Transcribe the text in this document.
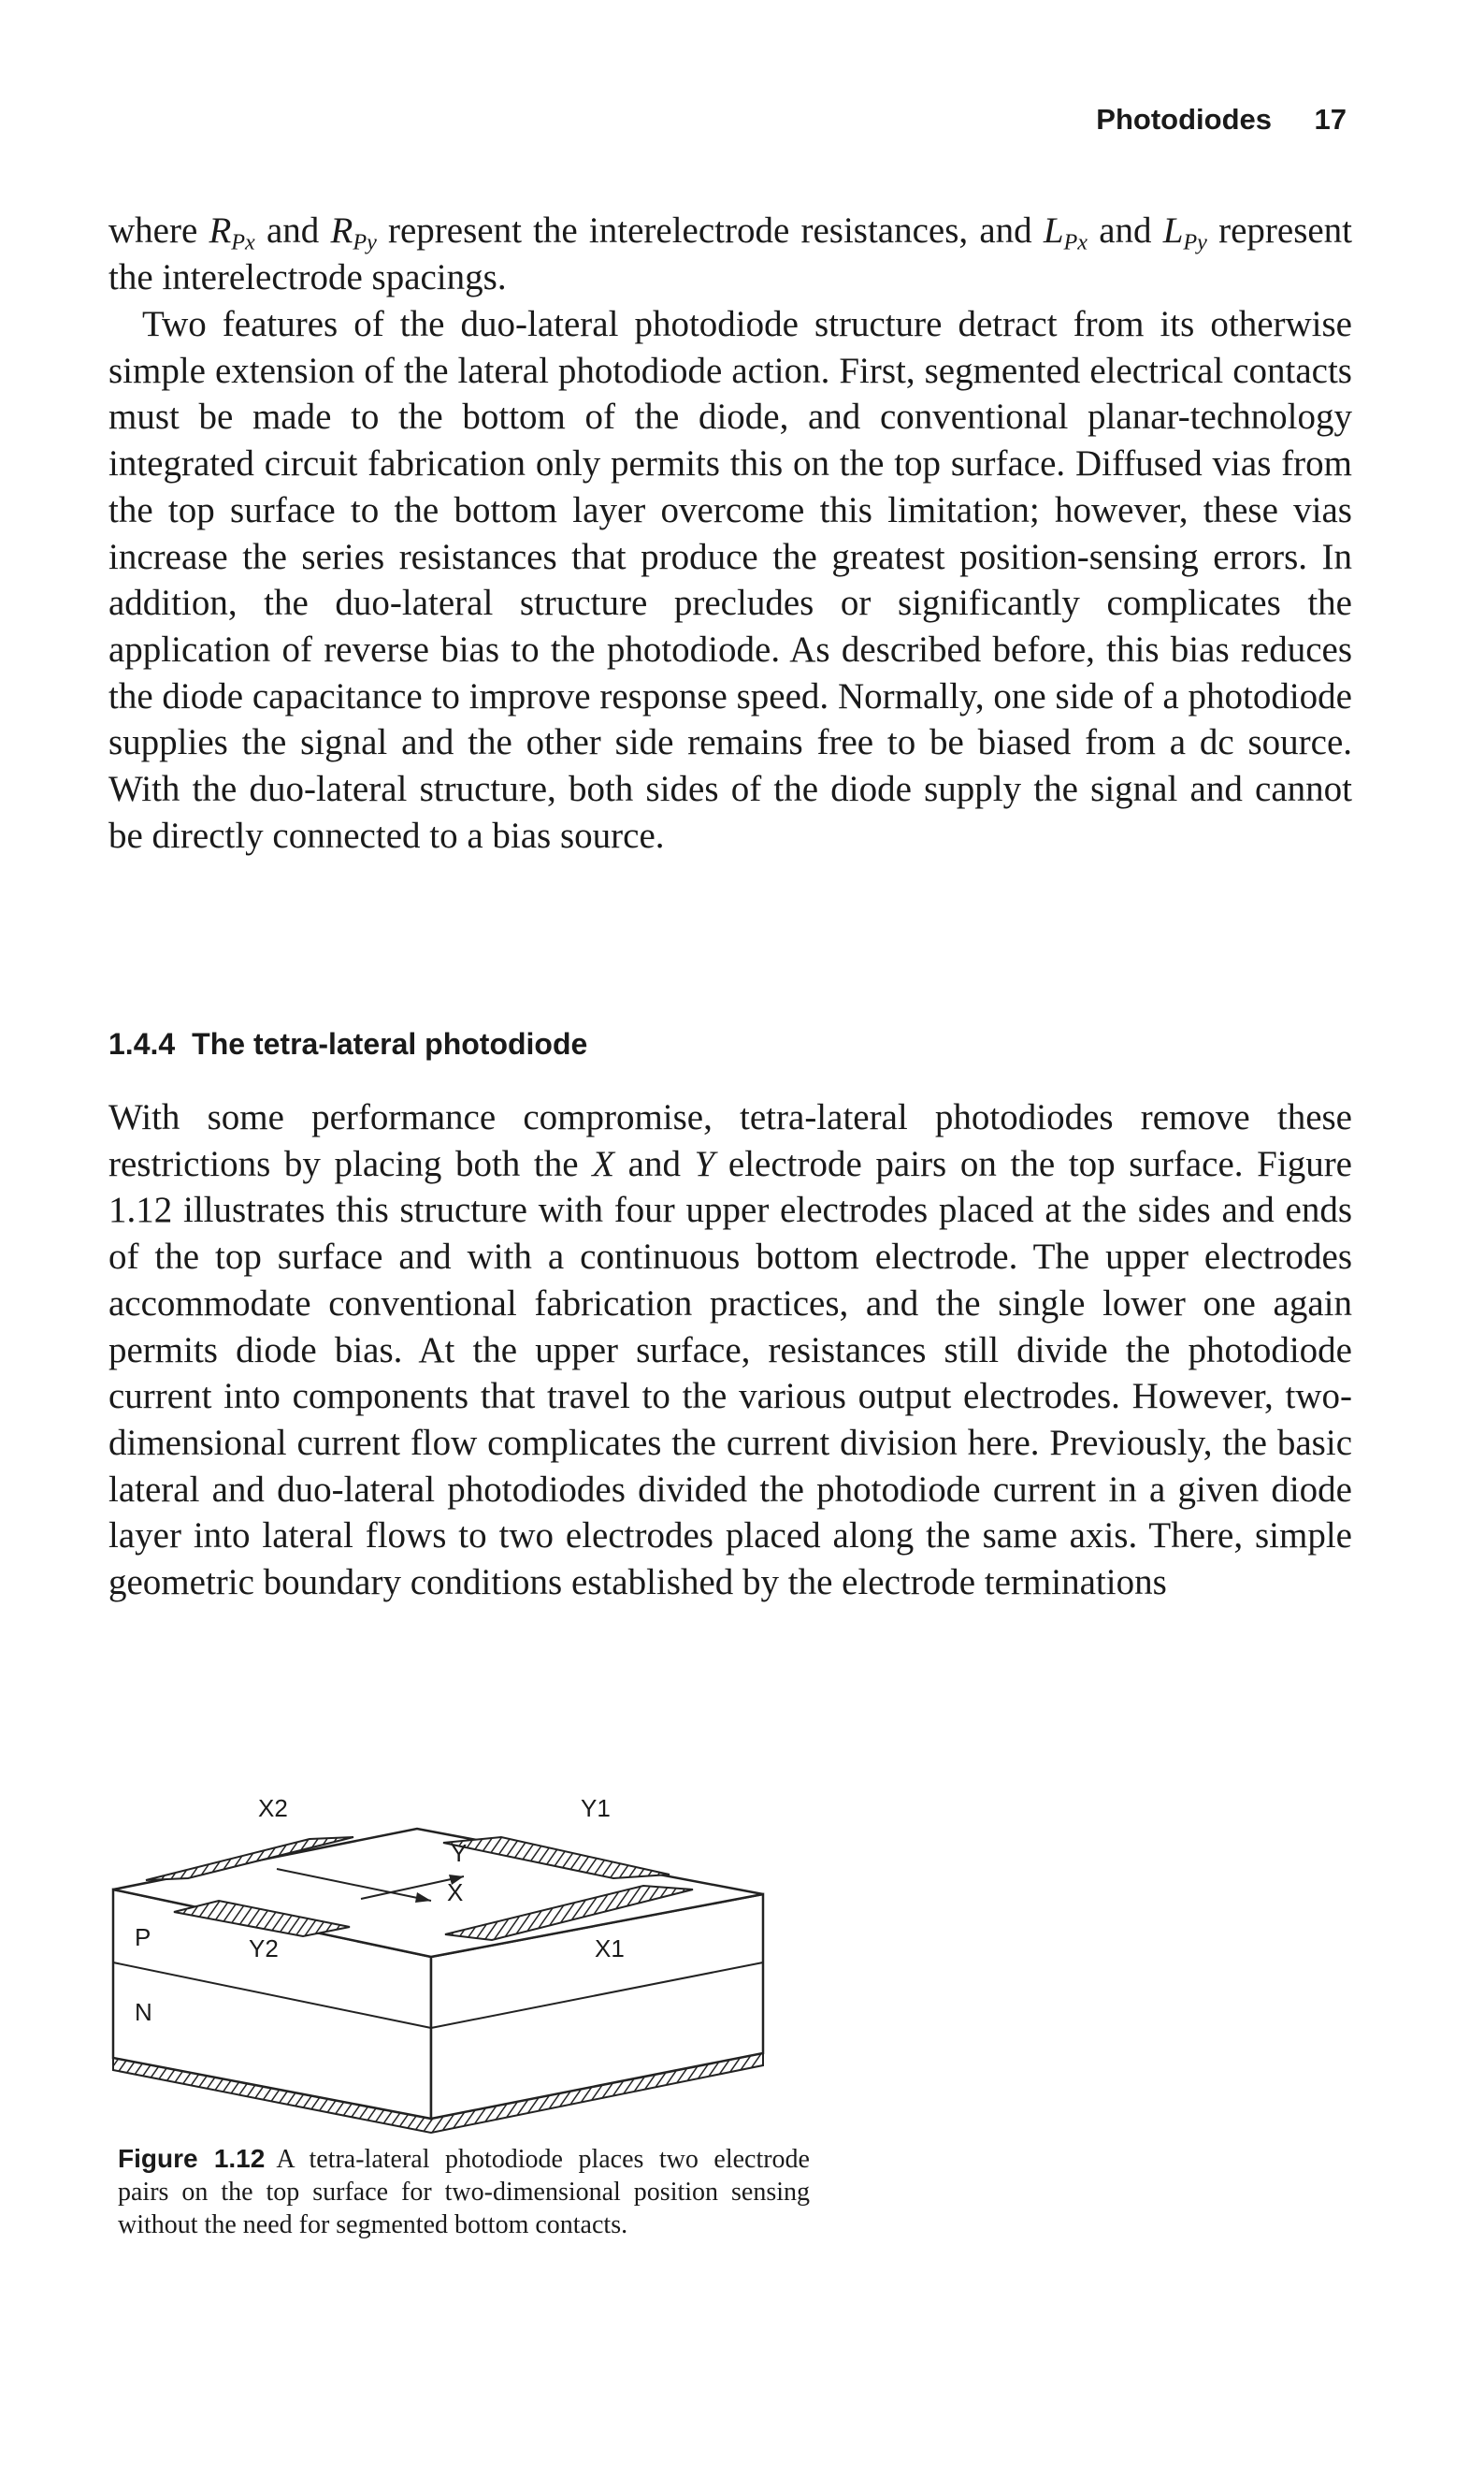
Photodiodes 17

where $R_{Px}$ and $R_{Py}$ represent the interelectrode resistances, and $L_{Px}$ and $L_{Py}$ represent the interelectrode spacings.

Two features of the duo-lateral photodiode structure detract from its otherwise simple extension of the lateral photodiode action. First, segmented electrical contacts must be made to the bottom of the diode, and conventional planar-technology integrated circuit fabrication only permits this on the top surface. Diffused vias from the top surface to the bottom layer overcome this limitation; however, these vias increase the series resistances that produce the greatest position-sensing errors. In addition, the duo-lateral structure precludes or significantly complicates the application of reverse bias to the photodiode. As described before, this bias reduces the diode capacitance to improve response speed. Normally, one side of a photodiode supplies the signal and the other side remains free to be biased from a dc source. With the duo-lateral structure, both sides of the diode supply the signal and cannot be directly connected to a bias source.

1.4.4 The tetra-lateral photodiode

With some performance compromise, tetra-lateral photodiodes remove these restrictions by placing both the X and Y electrode pairs on the top surface. Figure 1.12 illustrates this structure with four upper electrodes placed at the sides and ends of the top surface and with a continuous bottom electrode. The upper electrodes accommodate conventional fabrication practices, and the single lower one again permits diode bias. At the upper surface, resistances still divide the photodiode current into components that travel to the various output electrodes. However, two-dimensional current flow complicates the current division here. Previously, the basic lateral and duo-lateral photodiodes divided the photodiode current in a given diode layer into lateral flows to two electrodes placed along the same axis. There, simple geometric boundary conditions established by the electrode terminations

X2	Y1
Y
X
P	Y2	X1
N
Figure 1.12 A tetra-lateral photodiode places two electrode pairs on the top surface for two-dimensional position sensing without the need for segmented bottom contacts.
